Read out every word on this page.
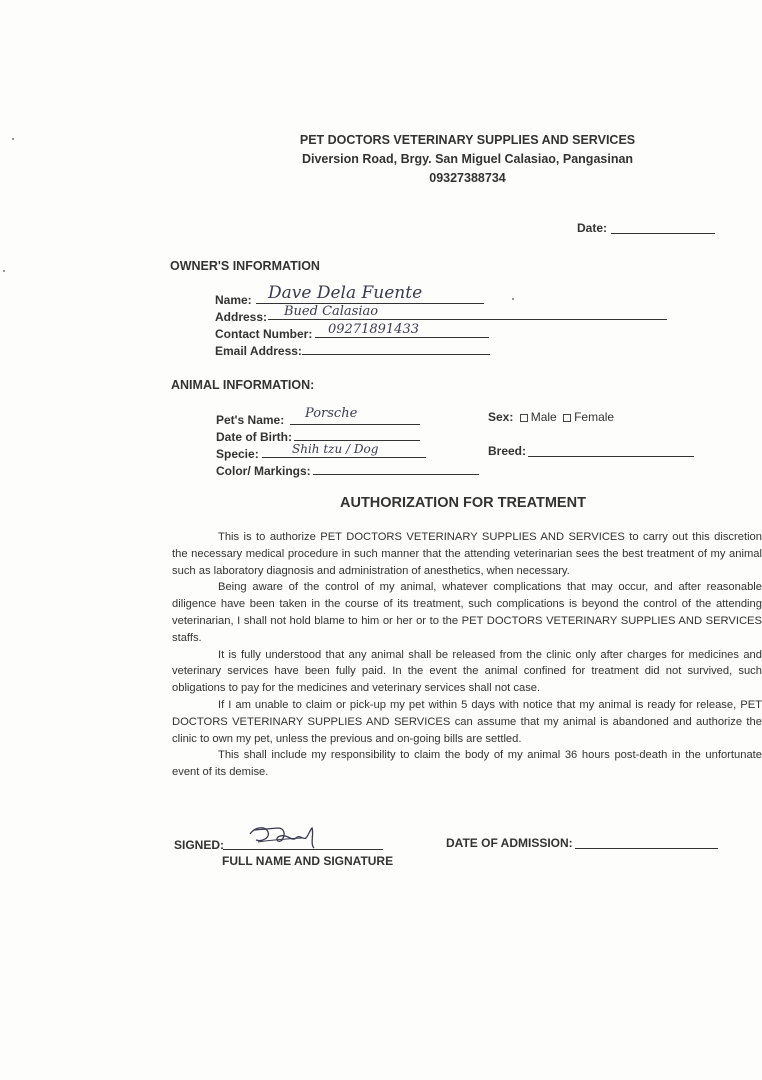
PET DOCTORS VETERINARY SUPPLIES AND SERVICES
Diversion Road, Brgy. San Miguel Calasiao, Pangasinan
09327388734
Date:
OWNER'S INFORMATION
Name: Dave Dela Fuente
Address: Bued Calasiao
Contact Number: 09271891433
Email Address:
ANIMAL INFORMATION:
Pet's Name: Porsche
Date of Birth:
Specie:	Shih tzu / Dog
Color/ Markings:
Sex: Male Female
Breed:
AUTHORIZATION FOR TREATMENT

This is to authorize PET DOCTORS VETERINARY SUPPLIES AND SERVICES to carry out this discretion the necessary medical procedure in such manner that the attending veterinarian sees the best treatment of my animal such as laboratory diagnosis and administration of anesthetics, when necessary.

Being aware of the control of my animal, whatever complications that may occur, and after reasonable diligence have been taken in the course of its treatment, such complications is beyond the control of the attending veterinarian, I shall not hold blame to him or her or to the PET DOCTORS VETERINARY SUPPLIES AND SERVICES staffs.

It is fully understood that any animal shall be released from the clinic only after charges for medicines and veterinary services have been fully paid. In the event the animal confined for treatment did not survived, such obligations to pay for the medicines and veterinary services shall not case.

If I am unable to claim or pick-up my pet within 5 days with notice that my animal is ready for release, PET DOCTORS VETERINARY SUPPLIES AND SERVICES can assume that my animal is abandoned and authorize the clinic to own my pet, unless the previous and on-going bills are settled.

This shall include my responsibility to claim the body of my animal 36 hours post-death in the unfortunate event of its demise.

SIGNED:
FULL NAME AND SIGNATURE
DATE OF ADMISSION:
